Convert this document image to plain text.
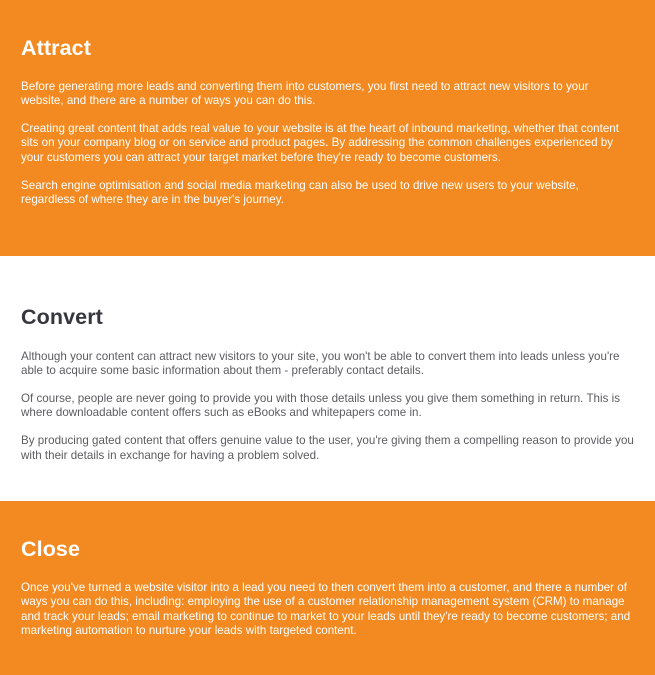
Attract

Before generating more leads and converting them into customers, you first need to attract new visitors to your website, and there are a number of ways you can do this.

Creating great content that adds real value to your website is at the heart of inbound marketing, whether that content sits on your company blog or on service and product pages. By addressing the common challenges experienced by your customers you can attract your target market before they're ready to become customers.

Search engine optimisation and social media marketing can also be used to drive new users to your website, regardless of where they are in the buyer's journey.

Convert

Although your content can attract new visitors to your site, you won't be able to convert them into leads unless you're able to acquire some basic information about them - preferably contact details.

Of course, people are never going to provide you with those details unless you give them something in return. This is where downloadable content offers such as eBooks and whitepapers come in.

By producing gated content that offers genuine value to the user, you're giving them a compelling reason to provide you with their details in exchange for having a problem solved.

Close

Once you've turned a website visitor into a lead you need to then convert them into a customer, and there a number of ways you can do this, including: employing the use of a customer relationship management system (CRM) to manage and track your leads; email marketing to continue to market to your leads until they're ready to become customers; and marketing automation to nurture your leads with targeted content.
